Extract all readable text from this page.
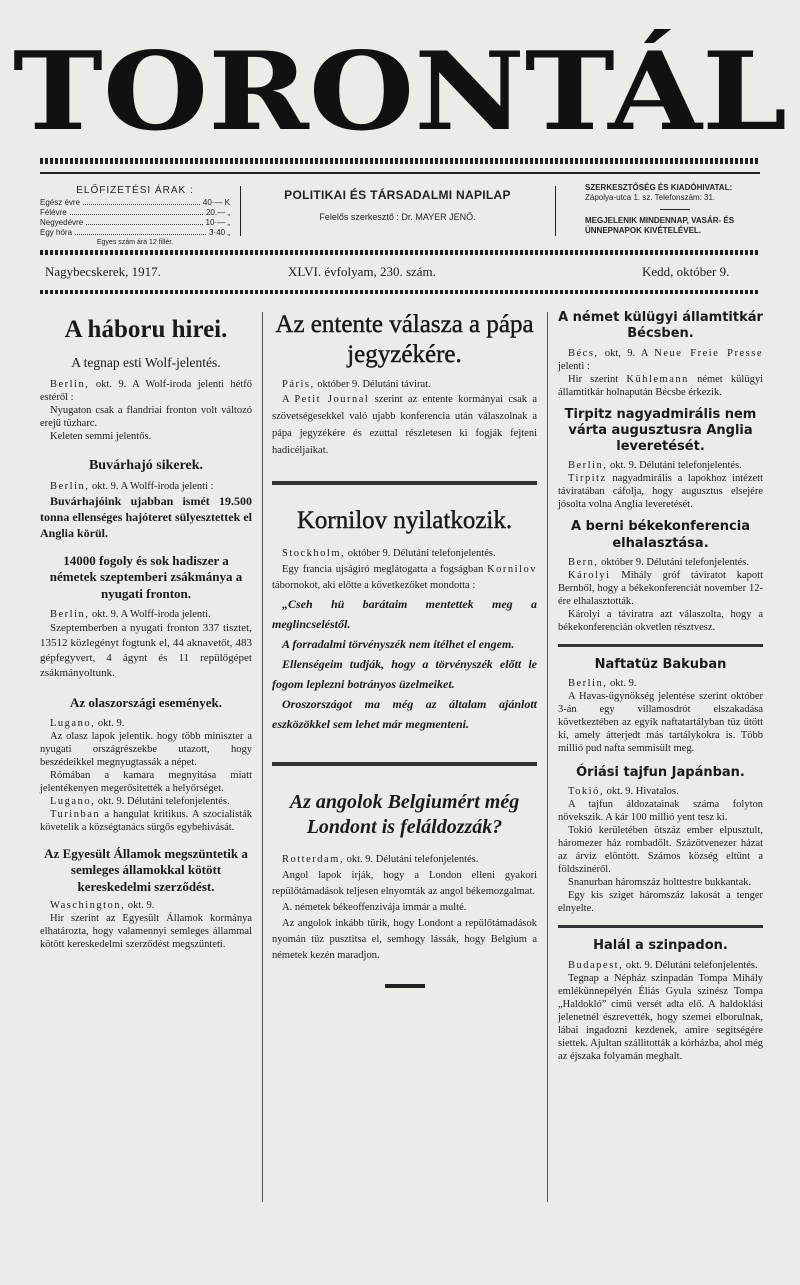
TORONTÁL
ELŐFIZETÉSI ÁRAK :
Egész évre	40·— K
Félévre	20.— „
Negyedévre	10·— „
Egy hóra	3·40 „
Egyes szám ára 12 fillér.
POLITIKAI ÉS TÁRSADALMI NAPILAP
Felelős szerkesztő : Dr. MAYER JENŐ.
SZERKESZTŐSÉG ÉS KIADÓHIVATAL:
Zápolya-utca 1. sz. Telefonszám: 31.
MEGJELENIK MINDENNAP, VASÁR- ÉS ÜNNEPNAPOK KIVÉTELÉVEL.
Nagybecskerek, 1917.	XLVI. évfolyam, 230. szám.	Kedd, október 9.
A háboru hirei.
A tegnap esti Wolf-jelentés.

Berlin, okt. 9. A Wolf-iroda jelenti hétfő estéről :

Nyugaton csak a flandriai fronton volt változó erejü tüzharc.

Keleten semmi jelentős.

Buvárhajó sikerek.

Berlin, okt. 9. A Wolff-iroda jelenti :

Buvárhajóink ujabban ismét 19.500 tonna ellenséges hajóteret sülyesztettek el Anglia körül.

14000 fogoly és sok hadiszer a németek szeptemberi zsákmánya a nyugati fronton.

Berlin, okt. 9. A Wolff-iroda jelenti.

Szeptemberben a nyugati fronton 337 tisztet, 13512 közlegényt fogtunk el, 44 aknavetőt, 483 gépfegyvert, 4 ágynt és 11 repülőgépet zsákmányoltunk.

Az olaszországi események.

Lugano, okt. 9.

Az olasz lapok jelentik. hogy több miniszter a nyugati országrészekbe utazott, hogy beszédeikkel megnyugtassák a népet.

Rómában a kamara megnyitása miatt jelentékenyen megerősitették a helyőrséget.

Lugano, okt. 9. Délutáni telefonjelentés.

Turinban a hangulat kritikus. A szocialisták követelik a községtanács sürgős egybehivását.

Az Egyesült Államok megszüntetik a semleges államokkal kötött kereskedelmi szerződést.

Waschington, okt. 9.

Hir szerint az Egyesült Államok kormánya elhatározta, hogy valamennyi semleges állammal kötött kereskedelmi szerződést megszünteti.

Az entente válasza a pápa jegyzékére.

Páris, október 9. Délutáni távirat.

A Petit Journal szerint az entente kormányai csak a szövetségesekkel való ujabb konferencia után válaszolnak a pápa jegyzékére és ezuttal részletesen ki fogják fejteni hadicéljaikat.

Kornilov nyilatkozik.

Stockholm, október 9. Délutáni telefonjelentés.

Egy francia ujságiró meglátogatta a fogságban Kornilov tábornokot, aki előtte a következőket mondotta :

„Cseh hü barátaim mentettek meg a meglincseléstől.

A forradalmi törvényszék nem itélhet el engem.

Ellenségeim tudják, hogy a törvényszék előtt le fogom leplezni botrányos üzelmeiket.

Oroszországot ma még az általam ajánlott eszközökkel sem lehet már megmenteni.

Az angolok Belgiumért még Londont is feláldozzák?

Rotterdam, okt. 9. Délutáni telefonjelentés.

Angol lapok irják, hogy a London elleni gyakori repülőtámadások teljesen elnyomták az angol békemozgalmat.

A. németek békeoffenzivája immár a multé.

Az angolok inkább türik, hogy Londont a repülőtámadások nyomán tüz pusztitsa el, semhogy lássák, hogy Belgium a németek kezén maradjon.

A német külügyi államtitkár Bécsben.

Bécs, okt, 9. A Neue Freie Presse jelenti :

Hir szerint Kühlemann német külügyi államtitkár holnapután Bécsbe érkezik.

Tirpitz nagyadmirális nem várta augusztusra Anglia leveretését.

Berlin, okt. 9. Délutáni telefonjelentés.

Tirpitz nagyadmirális a lapokhoz intézett táviratában cáfolja, hogy augusztus elsejére jósolta volna Anglia leveretését.

A berni békekonferencia elhalasztása.

Bern, október 9. Délutáni telefonjelentés.

Károlyi Mihály gróf táviratot kapott Bernből, hogy a békekonferenciát november 12-ére elhalasztották.

Károlyi a táviratra azt válaszolta, hogy a békekonferencián okvetlen résztvesz.

Naftatüz Bakuban

Berlin, okt. 9.

A Havas-ügynökség jelentése szerint október 3-án egy villamosdrót elszakadása következtében az egyik naftatartályban tüz ütött ki, amely átterjedt más tartálykokra is. Több millió pud nafta semmisült meg.

Óriási tajfun Japánban.

Tokió, okt. 9. Hivatalos.

A tajfun áldozatainak száma folyton növekszik. A kár 100 millió yent tesz ki.

Tokió kerületében ötszáz ember elpusztult, háromezer ház rombadőlt. Százötvenezer házat az árviz elöntött. Számos község eltünt a földszinéről.

Snanurban háromszáz holttestre bukkantak.

Egy kis sziget háromszáz lakosát a tenger elnyelte.

Halál a szinpadon.

Budapest, okt. 9. Délutáni telefonjelentés.

Tegnap a Népház szinpadán Tompa Mihály emlékünnepélyén Éliás Gyula szinész Tompa „Haldokló” cimü versét adta elő. A haldoklási jelenetnél észrevették, hogy szemei elborulnak, lábai ingadozni kezdenek, amire segitségére siettek. Ajultan szállitották a kórházba, ahol még az éjszaka folyamán meghalt.
